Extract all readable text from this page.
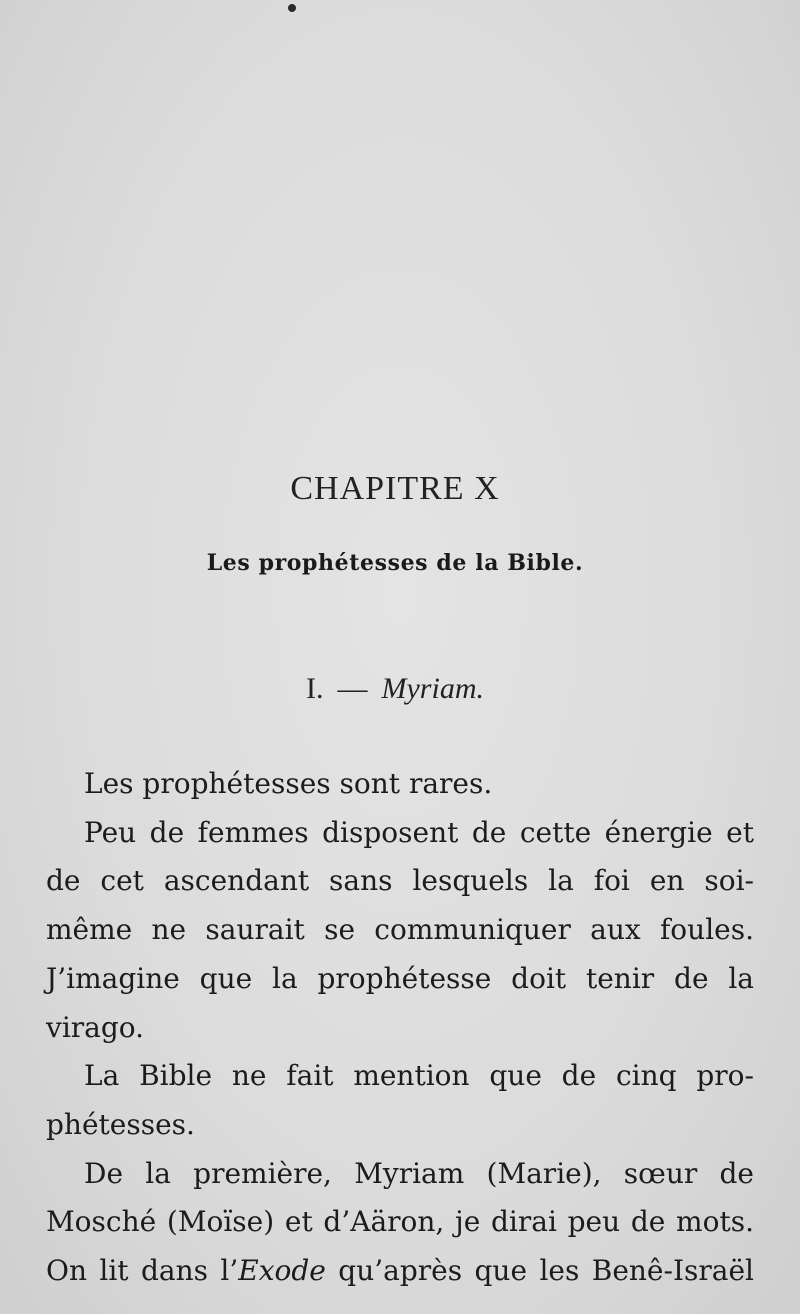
CHAPITRE X
Les prophétesses de la Bible.
I. — Myriam.
Les prophétesses sont rares.
Peu de femmes disposent de cette énergie et
de cet ascendant sans lesquels la foi en soi-
même ne saurait se communiquer aux foules.
J’imagine que la prophétesse doit tenir de la
virago.
La Bible ne fait mention que de cinq pro-
phétesses.
De la première, Myriam (Marie), sœur de
Mosché (Moïse) et d’Aäron, je dirai peu de mots.
On lit dans l’Exode qu’après que les Benê-Israël
